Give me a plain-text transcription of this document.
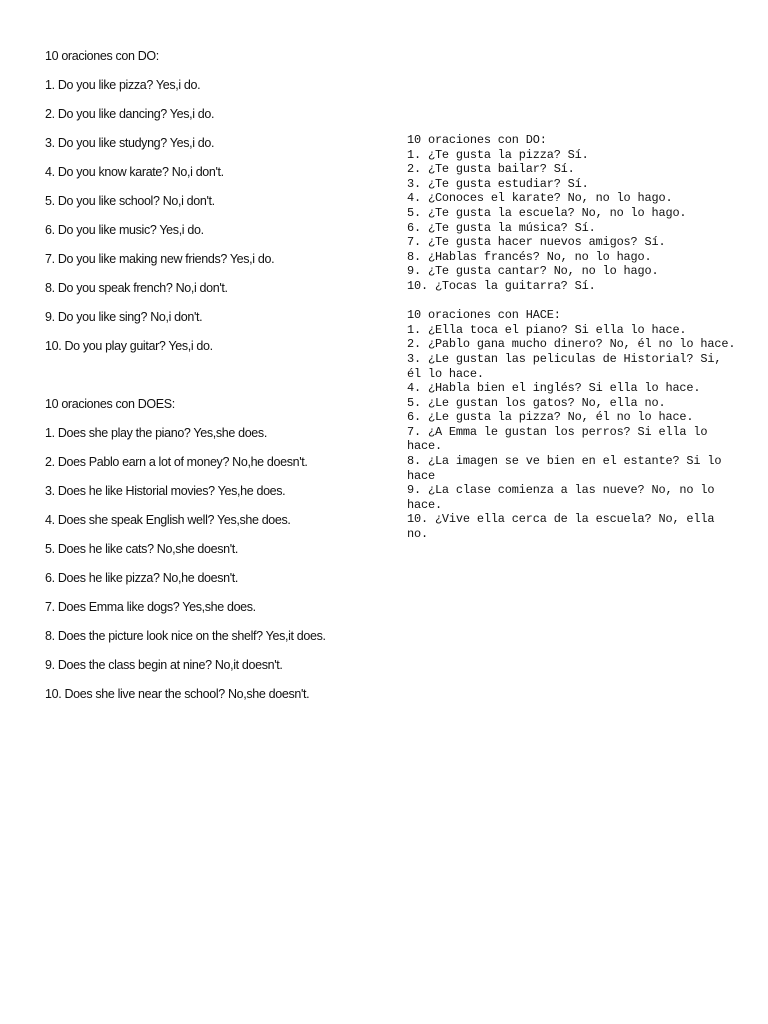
10 oraciones con DO:
1. Do you like pizza? Yes,i do.
2. Do you like dancing? Yes,i do.
3. Do you like studyng? Yes,i do.
4. Do you know karate? No,i don't.
5. Do you like school? No,i don't.
6. Do you like music? Yes,i do.
7. Do you like making new friends? Yes,i do.
8. Do you speak french? No,i don't.
9. Do you like sing? No,i don't.
10. Do you play guitar? Yes,i do.
10 oraciones con DOES:
1. Does she play the piano? Yes,she does.
2. Does Pablo earn a lot of money? No,he doesn't.
3. Does he like Historial movies? Yes,he does.
4. Does she speak English well? Yes,she does.
5. Does he like cats? No,she doesn't.
6. Does he like pizza? No,he doesn't.
7. Does Emma like dogs? Yes,she does.
8. Does the picture look nice on the shelf? Yes,it does.
9. Does the class begin at nine? No,it doesn't.
10. Does she live near the school? No,she doesn't.
10 oraciones con DO:
1. ¿Te gusta la pizza? Sí.
2. ¿Te gusta bailar? Sí.
3. ¿Te gusta estudiar? Sí.
4. ¿Conoces el karate? No, no lo hago.
5. ¿Te gusta la escuela? No, no lo hago.
6. ¿Te gusta la música? Sí.
7. ¿Te gusta hacer nuevos amigos? Sí.
8. ¿Hablas francés? No, no lo hago.
9. ¿Te gusta cantar? No, no lo hago.
10. ¿Tocas la guitarra? Sí.
10 oraciones con HACE:
1. ¿Ella toca el piano? Si ella lo hace.
2. ¿Pablo gana mucho dinero? No, él no lo hace.
3. ¿Le gustan las peliculas de Historial? Si, él lo hace.
4. ¿Habla bien el inglés? Si ella lo hace.
5. ¿Le gustan los gatos? No, ella no.
6. ¿Le gusta la pizza? No, él no lo hace.
7. ¿A Emma le gustan los perros? Si ella lo hace.
8. ¿La imagen se ve bien en el estante? Si lo hace
9. ¿La clase comienza a las nueve? No, no lo hace.
10. ¿Vive ella cerca de la escuela? No, ella no.
